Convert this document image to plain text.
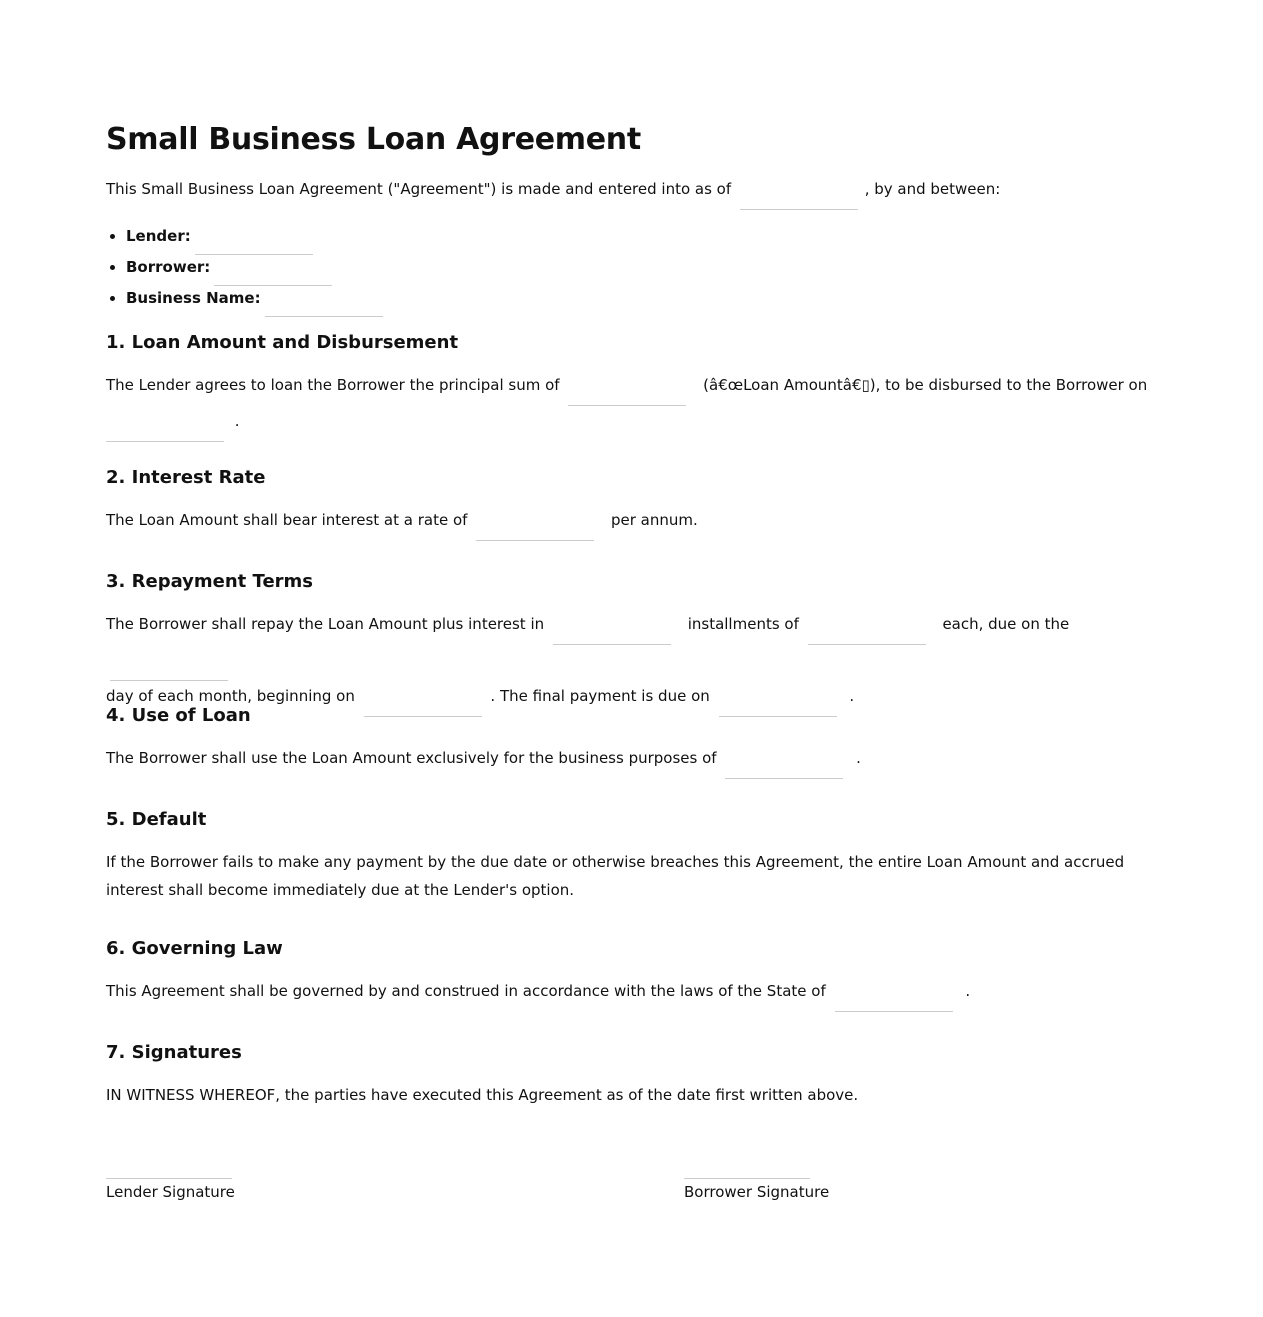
Small Business Loan Agreement

This Small Business Loan Agreement ("Agreement") is made and entered into as of	, by and between:

• Lender:
• Borrower:
• Business Name:
1. Loan Amount and Disbursement

The Lender agrees to loan the Borrower the principal sum of	(â€œLoan Amountâ€▯), to be disbursed to the Borrower on
.

2. Interest Rate

The Loan Amount shall bear interest at a rate of	per annum.

3. Repayment Terms

The Borrower shall repay the Loan Amount plus interest in	installments of	each, due on the
day of each month, beginning on	. The final payment is due on	.

4. Use of Loan

The Borrower shall use the Loan Amount exclusively for the business purposes of	.

5. Default

If the Borrower fails to make any payment by the due date or otherwise breaches this Agreement, the entire Loan Amount and accrued interest shall become immediately due at the Lender's option.

6. Governing Law

This Agreement shall be governed by and construed in accordance with the laws of the State of	.

7. Signatures

IN WITNESS WHEREOF, the parties have executed this Agreement as of the date first written above.

Lender Signature	Borrower Signature
